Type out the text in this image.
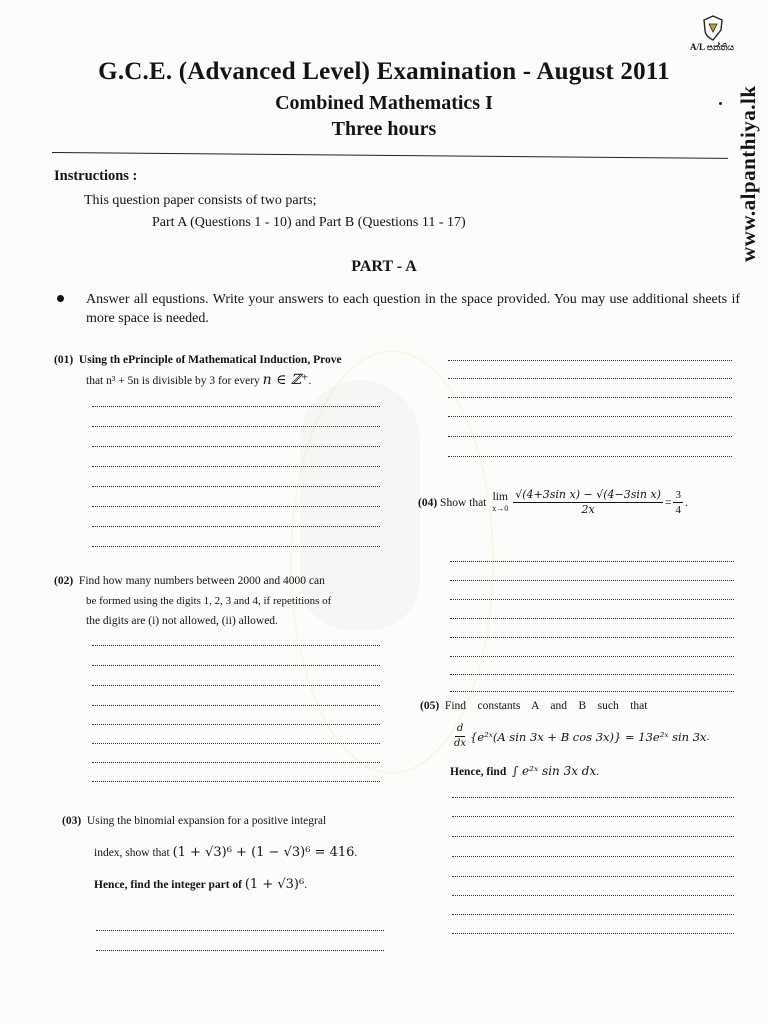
A/L පන්තිය
...
www.alpanthiya.lk
G.C.E. (Advanced Level) Examination - August 2011
Combined Mathematics I
Three hours
Instructions :
This question paper consists of two parts;
Part A (Questions 1 - 10) and Part B (Questions 11 - 17)
PART - A
Answer all equstions. Write your answers to each question in the space provided. You may use additional sheets if more space is needed.
(01) Using th ePrinciple of Mathematical Induction, Prove
that n³ + 5n is divisible by 3 for every n ∈ ℤ⁺.
(02) Find how many numbers between 2000 and 4000 can
be formed using the digits 1, 2, 3 and 4, if repetitions of
the digits are (i) not allowed, (ii) allowed.
(03) Using the binomial expansion for a positive integral
index, show that (1 + √3)⁶ + (1 − √3)⁶ = 416.
Hence, find the integer part of (1 + √3)⁶.
(04)
Show that
lim
$x\to 0 \frac{\text{√(4+3sin x) − √(4−3sin x)}}{2x} = \frac{3}{4}$ .
(05)
Find    constants    A    and    B    such    that
$\frac{d}{dx}$ {e²ˣ(A sin 3x + B cos 3x)} = 13e²ˣ sin 3x .
Hence, find ∫ e²ˣ sin 3x dx.
